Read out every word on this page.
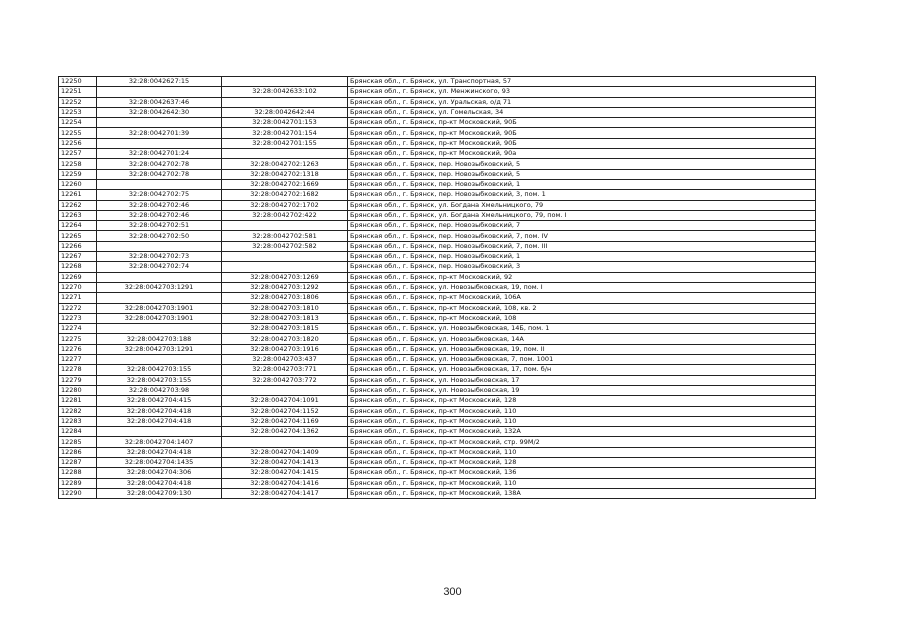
12250	32:28:0042627:15		Брянская обл., г. Брянск, ул. Транспортная, 57
12251		32:28:0042633:102	Брянская обл., г. Брянск, ул. Менжинского, 93
12252	32:28:0042637:46		Брянская обл., г. Брянск, ул. Уральская, о/д 71
12253	32:28:0042642:30	32:28:0042642:44	Брянская обл., г. Брянск, ул. Гомельская, 34
12254		32:28:0042701:153	Брянская обл., г. Брянск, пр-кт Московский, 90Б
12255	32:28:0042701:39	32:28:0042701:154	Брянская обл., г. Брянск, пр-кт Московский, 90Б
12256		32:28:0042701:155	Брянская обл., г. Брянск, пр-кт Московский, 90Б
12257	32:28:0042701:24		Брянская обл., г. Брянск, пр-кт Московский, 90а
12258	32:28:0042702:78	32:28:0042702:1263	Брянская обл., г. Брянск, пер. Новозыбковский, 5
12259	32:28:0042702:78	32:28:0042702:1318	Брянская обл., г. Брянск, пер. Новозыбковский, 5
12260		32:28:0042702:1669	Брянская обл., г. Брянск, пер. Новозыбковский, 1
12261	32:28:0042702:75	32:28:0042702:1682	Брянская обл., г. Брянск, пер. Новозыбковский, 3, пом. 1
12262	32:28:0042702:46	32:28:0042702:1702	Брянская обл., г. Брянск, ул. Богдана Хмельницкого, 79
12263	32:28:0042702:46	32:28:0042702:422	Брянская обл., г. Брянск, ул. Богдана Хмельницкого, 79, пом. I
12264	32:28:0042702:51		Брянская обл., г. Брянск, пер. Новозыбковский, 7
12265	32:28:0042702:50	32:28:0042702:581	Брянская обл., г. Брянск, пер. Новозыбковский, 7, пом. IV
12266		32:28:0042702:582	Брянская обл., г. Брянск, пер. Новозыбковский, 7, пом. III
12267	32:28:0042702:73		Брянская обл., г. Брянск, пер. Новозыбковский, 1
12268	32:28:0042702:74		Брянская обл., г. Брянск, пер. Новозыбковский, 3
12269		32:28:0042703:1269	Брянская обл., г. Брянск, пр-кт Московский, 92
12270	32:28:0042703:1291	32:28:0042703:1292	Брянская обл., г. Брянск, ул. Новозыбковская, 19, пом. I
12271		32:28:0042703:1806	Брянская обл., г. Брянск, пр-кт Московский, 106А
12272	32:28:0042703:1901	32:28:0042703:1810	Брянская обл., г. Брянск, пр-кт Московский, 108, кв. 2
12273	32:28:0042703:1901	32:28:0042703:1813	Брянская обл., г. Брянск, пр-кт Московский, 108
12274		32:28:0042703:1815	Брянская обл., г. Брянск, ул. Новозыбковская, 14Б, пом. 1
12275	32:28:0042703:188	32:28:0042703:1820	Брянская обл., г. Брянск, ул. Новозыбковская, 14А
12276	32:28:0042703:1291	32:28:0042703:1916	Брянская обл., г. Брянск, ул. Новозыбковская, 19, пом. II
12277		32:28:0042703:437	Брянская обл., г. Брянск, ул. Новозыбковская, 7, пом. 1001
12278	32:28:0042703:155	32:28:0042703:771	Брянская обл., г. Брянск, ул. Новозыбковская, 17, пом. б/н
12279	32:28:0042703:155	32:28:0042703:772	Брянская обл., г. Брянск, ул. Новозыбковская, 17
12280	32:28:0042703:98		Брянская обл., г. Брянск, ул. Новозыбковская, 19
12281	32:28:0042704:415	32:28:0042704:1091	Брянская обл., г. Брянск, пр-кт Московский, 128
12282	32:28:0042704:418	32:28:0042704:1152	Брянская обл., г. Брянск, пр-кт Московский, 110
12283	32:28:0042704:418	32:28:0042704:1169	Брянская обл., г. Брянск, пр-кт Московский, 110
12284		32:28:0042704:1362	Брянская обл., г. Брянск, пр-кт Московский, 132А
12285	32:28:0042704:1407		Брянская обл., г. Брянск, пр-кт Московский, стр. 99М/2
12286	32:28:0042704:418	32:28:0042704:1409	Брянская обл., г. Брянск, пр-кт Московский, 110
12287	32:28:0042704:1435	32:28:0042704:1413	Брянская обл., г. Брянск, пр-кт Московский, 128
12288	32:28:0042704:306	32:28:0042704:1415	Брянская обл., г. Брянск, пр-кт Московский, 136
12289	32:28:0042704:418	32:28:0042704:1416	Брянская обл., г. Брянск, пр-кт Московский, 110
12290	32:28:0042709:130	32:28:0042704:1417	Брянская обл., г. Брянск, пр-кт Московский, 138А
300
